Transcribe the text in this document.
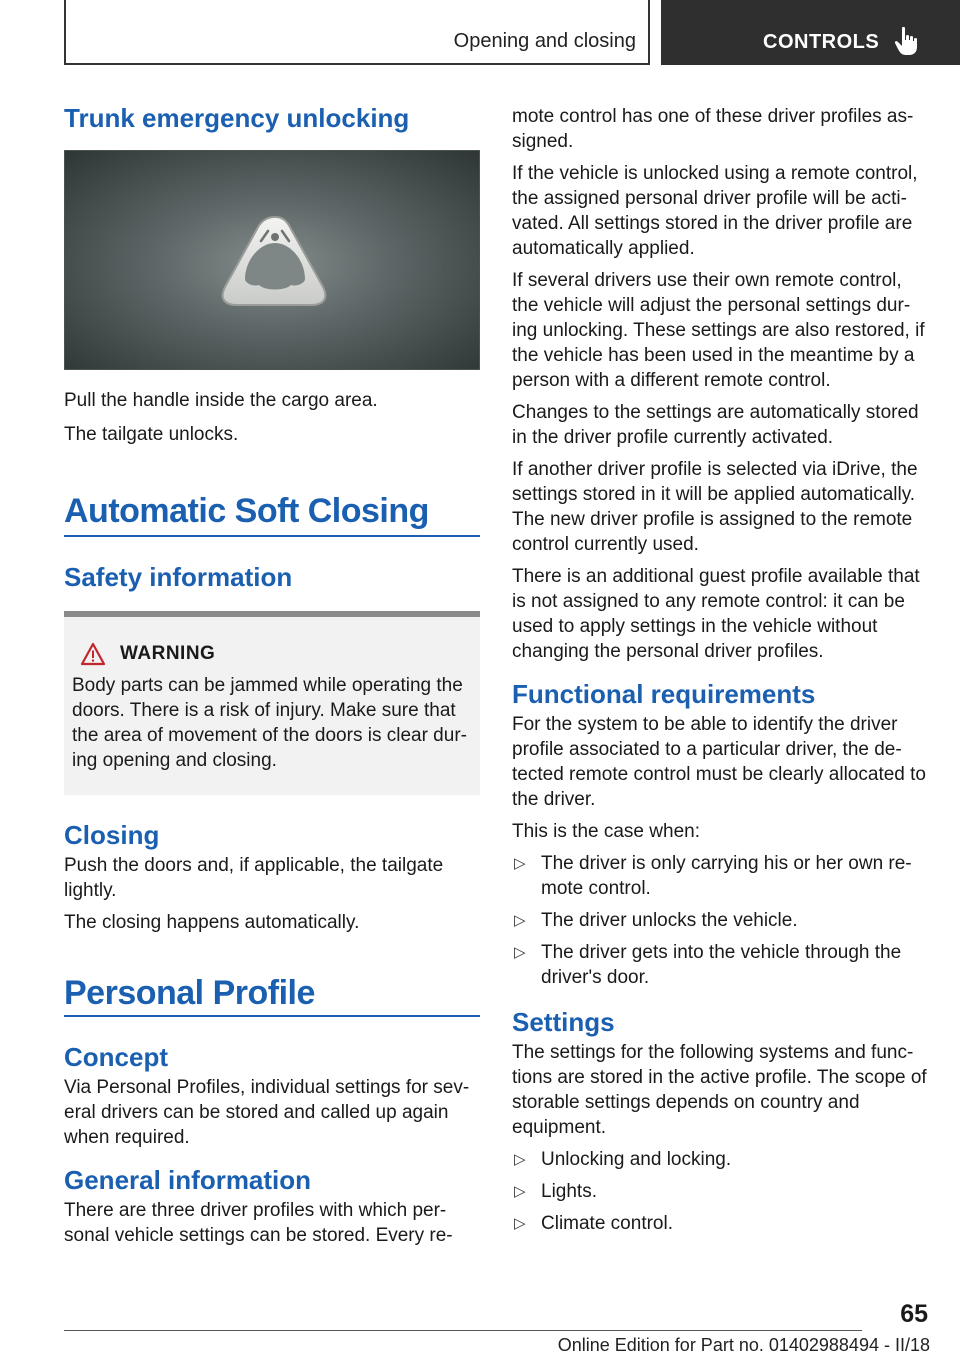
Opening and closing	CONTROLS
Trunk emergency unlocking

Pull the handle inside the cargo area.

The tailgate unlocks.

Automatic Soft Closing
Safety information
WARNING

Body parts can be jammed while operating the doors. There is a risk of injury. Make sure that the area of movement of the doors is clear dur-ing opening and closing.

Closing

Push the doors and, if applicable, the tailgate lightly.

The closing happens automatically.

Personal Profile
Concept

Via Personal Profiles, individual settings for sev-eral drivers can be stored and called up again when required.

General information

There are three driver profiles with which per-sonal vehicle settings can be stored. Every re-

mote control has one of these driver profiles as-signed.

If the vehicle is unlocked using a remote control, the assigned personal driver profile will be acti-vated. All settings stored in the driver profile are automatically applied.

If several drivers use their own remote control, the vehicle will adjust the personal settings dur-ing unlocking. These settings are also restored, if the vehicle has been used in the meantime by a person with a different remote control.

Changes to the settings are automatically stored in the driver profile currently activated.

If another driver profile is selected via iDrive, the settings stored in it will be applied automatically. The new driver profile is assigned to the remote control currently used.

There is an additional guest profile available that is not assigned to any remote control: it can be used to apply settings in the vehicle without changing the personal driver profiles.

Functional requirements

For the system to be able to identify the driver profile associated to a particular driver, the de-tected remote control must be clearly allocated to the driver.

This is the case when:

▷ The driver is only carrying his or her own re-mote control.
▷ The driver unlocks the vehicle.
▷ The driver gets into the vehicle through the driver's door.
Settings

The settings for the following systems and func-tions are stored in the active profile. The scope of storable settings depends on country and equipment.

▷ Unlocking and locking.
▷ Lights.
▷ Climate control.
65
Online Edition for Part no. 01402988494 - II/18
